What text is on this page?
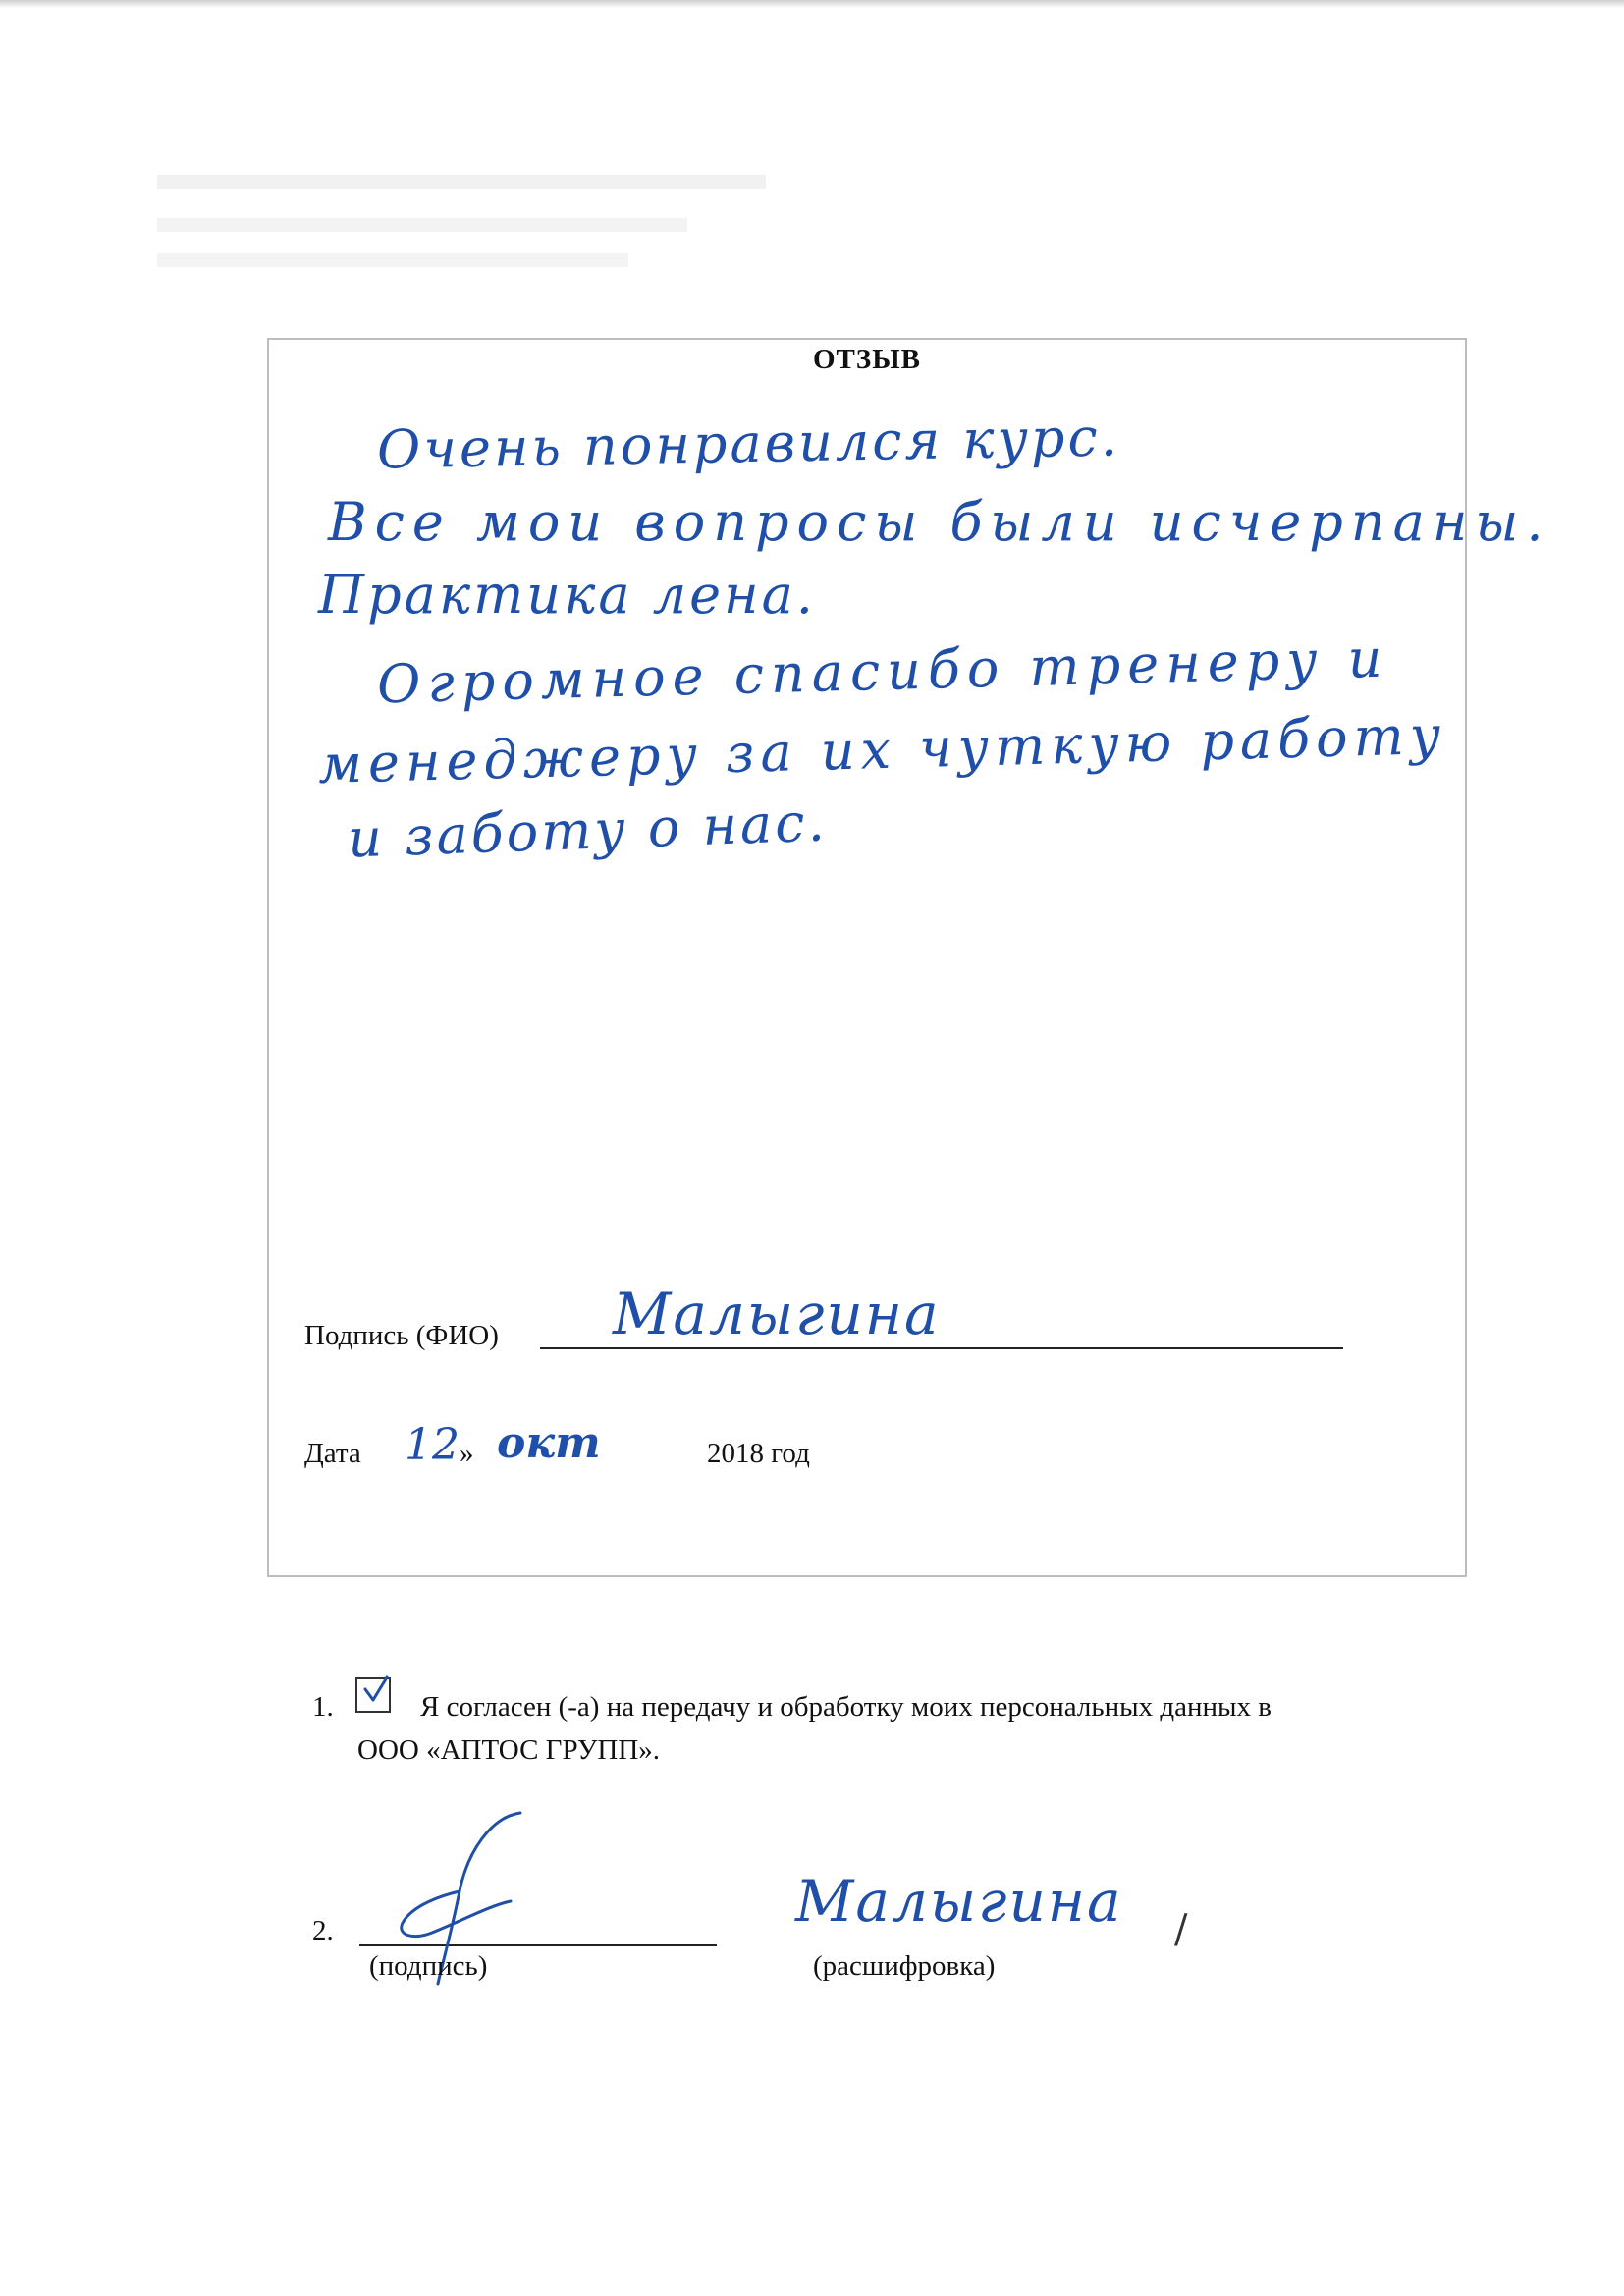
ОТЗЫВ
Очень понравился курс.
Все мои вопросы были исчерпаны.
Практика лена.
Огромное спасибо тренеру и
менеджеру за их чуткую работу
и заботу о нас.
Подпись (ФИО) Малыгина
Дата 12 » окт	2018 год
1.	Я согласен (-а) на передачу и обработку моих персональных данных в
ООО «АПТОС ГРУПП».
2.
(подпись)
Малыгина /
(расшифровка)
